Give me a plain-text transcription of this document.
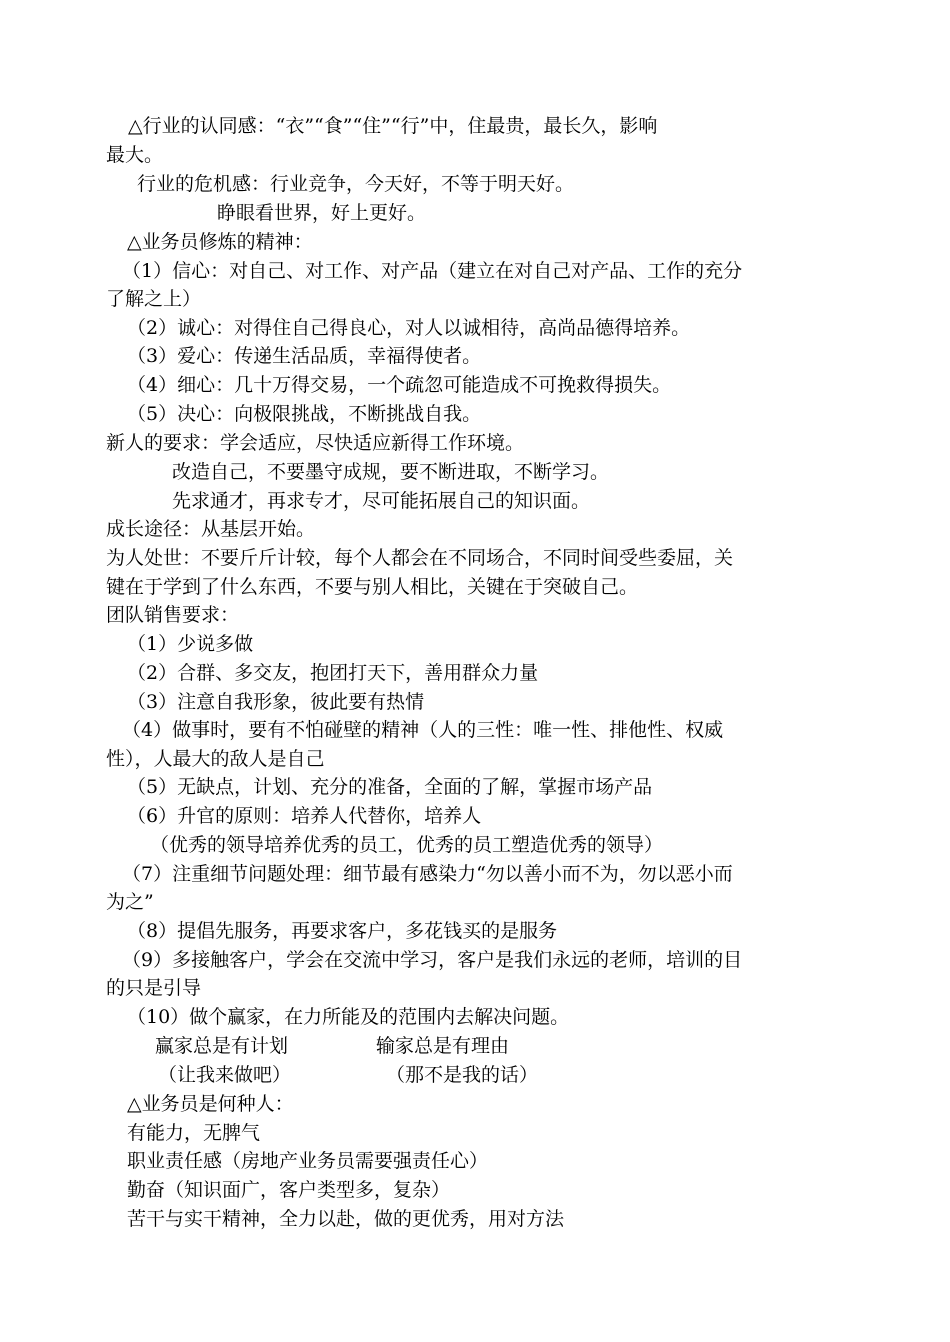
△行业的认同感：“衣”“食”“住”“行”中，住最贵，最长久，影响
最大。
行业的危机感：行业竞争，今天好，不等于明天好。
睁眼看世界，好上更好。
△业务员修炼的精神：
（1）信心：对自己、对工作、对产品（建立在对自己对产品、工作的充分
了解之上）
（2）诚心：对得住自己得良心，对人以诚相待，高尚品德得培养。
（3）爱心：传递生活品质，幸福得使者。
（4）细心：几十万得交易，一个疏忽可能造成不可挽救得损失。
（5）决心：向极限挑战，不断挑战自我。
新人的要求：学会适应，尽快适应新得工作环境。
改造自己，不要墨守成规，要不断进取，不断学习。
先求通才，再求专才，尽可能拓展自己的知识面。
成长途径：从基层开始。
为人处世：不要斤斤计较，每个人都会在不同场合，不同时间受些委屈，关
键在于学到了什么东西，不要与别人相比，关键在于突破自己。
团队销售要求：
（1）少说多做
（2）合群、多交友，抱团打天下，善用群众力量
（3）注意自我形象，彼此要有热情
（4）做事时，要有不怕碰壁的精神（人的三性：唯一性、排他性、权威
性），人最大的敌人是自己
（5）无缺点，计划、充分的准备，全面的了解，掌握市场产品
（6）升官的原则：培养人代替你，培养人
（优秀的领导培养优秀的员工，优秀的员工塑造优秀的领导）
（7）注重细节问题处理：细节最有感染力“勿以善小而不为，勿以恶小而
为之”
（8）提倡先服务，再要求客户，多花钱买的是服务
（9）多接触客户，学会在交流中学习，客户是我们永远的老师，培训的目
的只是引导
（10）做个赢家，在力所能及的范围内去解决问题。
赢家总是有计划	输家总是有理由
（让我来做吧）	（那不是我的话）
△业务员是何种人：
有能力，无脾气
职业责任感（房地产业务员需要强责任心）
勤奋（知识面广，客户类型多，复杂）
苦干与实干精神，全力以赴，做的更优秀，用对方法
